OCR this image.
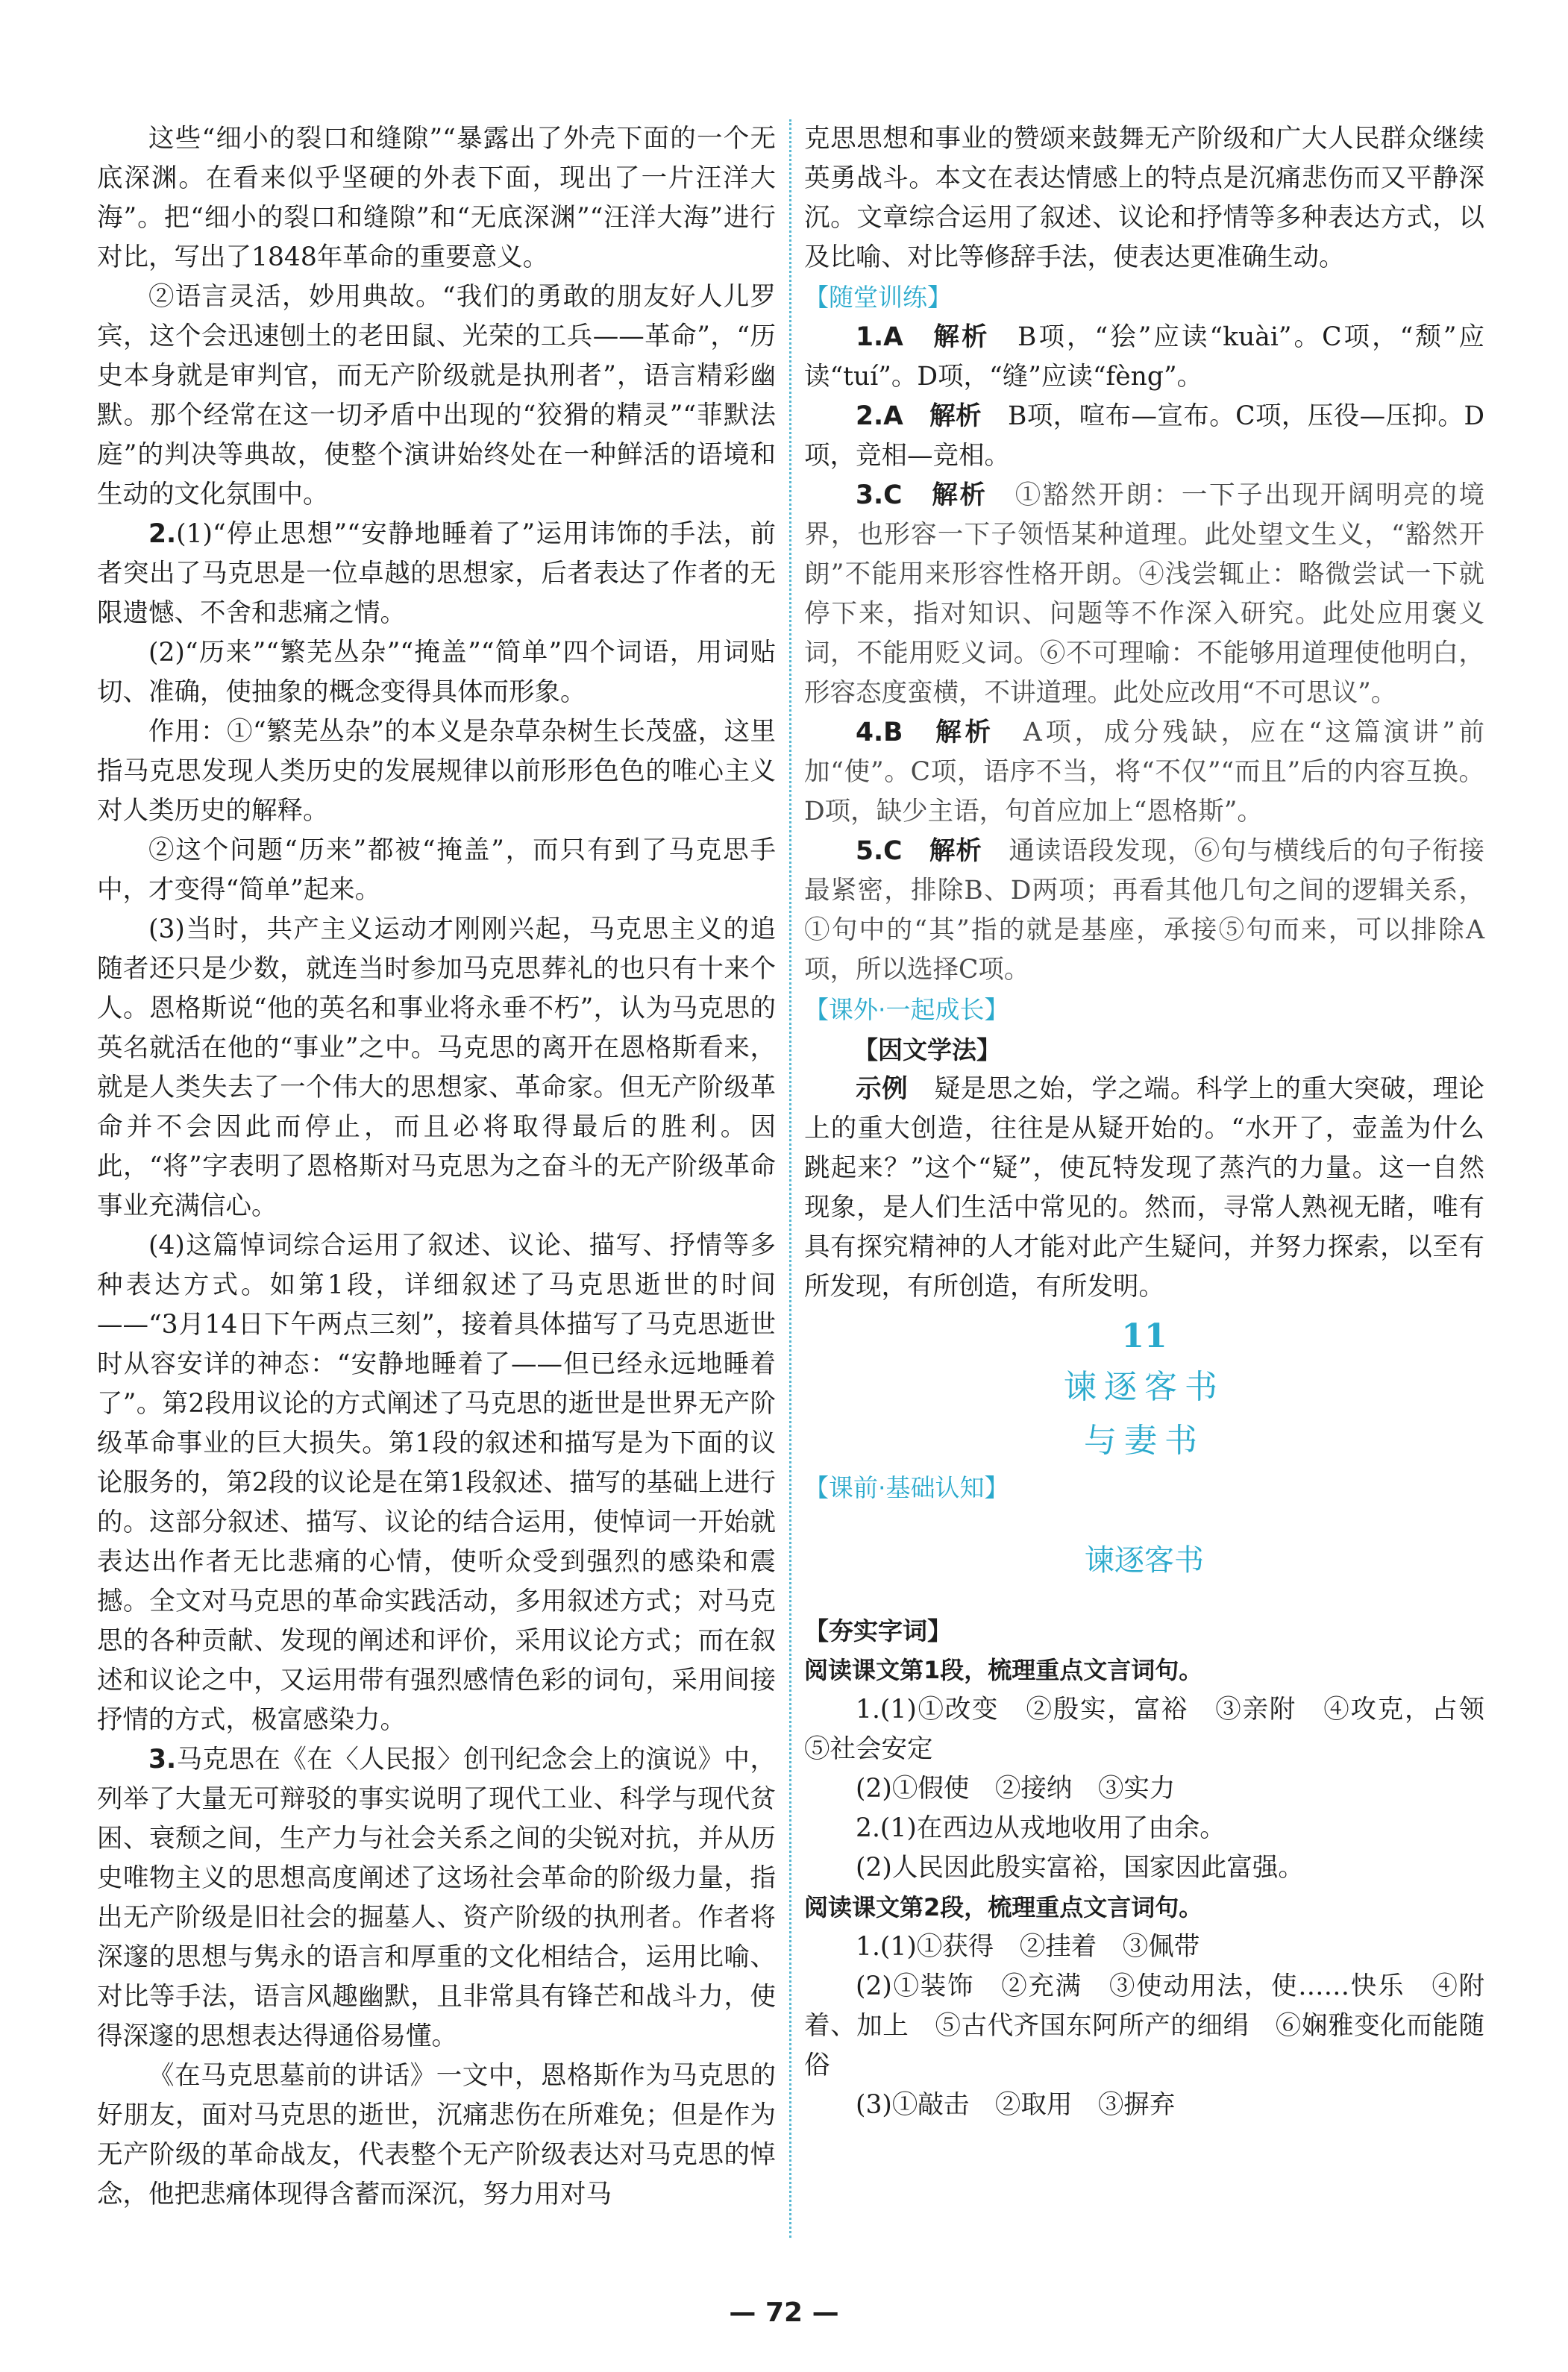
这些“细小的裂口和缝隙”“暴露出了外壳下面的一个无底深渊。在看来似乎坚硬的外表下面，现出了一片汪洋大海”。把“细小的裂口和缝隙”和“无底深渊”“汪洋大海”进行对比，写出了1848年革命的重要意义。

②语言灵活，妙用典故。“我们的勇敢的朋友好人儿罗宾，这个会迅速刨土的老田鼠、光荣的工兵——革命”，“历史本身就是审判官，而无产阶级就是执刑者”，语言精彩幽默。那个经常在这一切矛盾中出现的“狡猾的精灵”“菲默法庭”的判决等典故，使整个演讲始终处在一种鲜活的语境和生动的文化氛围中。

2.(1)“停止思想”“安静地睡着了”运用讳饰的手法，前者突出了马克思是一位卓越的思想家，后者表达了作者的无限遗憾、不舍和悲痛之情。

(2)“历来”“繁芜丛杂”“掩盖”“简单”四个词语，用词贴切、准确，使抽象的概念变得具体而形象。

作用：①“繁芜丛杂”的本义是杂草杂树生长茂盛，这里指马克思发现人类历史的发展规律以前形形色色的唯心主义对人类历史的解释。

②这个问题“历来”都被“掩盖”，而只有到了马克思手中，才变得“简单”起来。

(3)当时，共产主义运动才刚刚兴起，马克思主义的追随者还只是少数，就连当时参加马克思葬礼的也只有十来个人。恩格斯说“他的英名和事业将永垂不朽”，认为马克思的英名就活在他的“事业”之中。马克思的离开在恩格斯看来，就是人类失去了一个伟大的思想家、革命家。但无产阶级革命并不会因此而停止，而且必将取得最后的胜利。因此，“将”字表明了恩格斯对马克思为之奋斗的无产阶级革命事业充满信心。

(4)这篇悼词综合运用了叙述、议论、描写、抒情等多种表达方式。如第1段，详细叙述了马克思逝世的时间——“3月14日下午两点三刻”，接着具体描写了马克思逝世时从容安详的神态：“安静地睡着了——但已经永远地睡着了”。第2段用议论的方式阐述了马克思的逝世是世界无产阶级革命事业的巨大损失。第1段的叙述和描写是为下面的议论服务的，第2段的议论是在第1段叙述、描写的基础上进行的。这部分叙述、描写、议论的结合运用，使悼词一开始就表达出作者无比悲痛的心情，使听众受到强烈的感染和震撼。全文对马克思的革命实践活动，多用叙述方式；对马克思的各种贡献、发现的阐述和评价，采用议论方式；而在叙述和议论之中，又运用带有强烈感情色彩的词句，采用间接抒情的方式，极富感染力。

3.马克思在《在〈人民报〉创刊纪念会上的演说》中，列举了大量无可辩驳的事实说明了现代工业、科学与现代贫困、衰颓之间，生产力与社会关系之间的尖锐对抗，并从历史唯物主义的思想高度阐述了这场社会革命的阶级力量，指出无产阶级是旧社会的掘墓人、资产阶级的执刑者。作者将深邃的思想与隽永的语言和厚重的文化相结合，运用比喻、对比等手法，语言风趣幽默，且非常具有锋芒和战斗力，使得深邃的思想表达得通俗易懂。

《在马克思墓前的讲话》一文中，恩格斯作为马克思的好朋友，面对马克思的逝世，沉痛悲伤在所难免；但是作为无产阶级的革命战友，代表整个无产阶级表达对马克思的悼念，他把悲痛体现得含蓄而深沉，努力用对马

克思思想和事业的赞颂来鼓舞无产阶级和广大人民群众继续英勇战斗。本文在表达情感上的特点是沉痛悲伤而又平静深沉。文章综合运用了叙述、议论和抒情等多种表达方式，以及比喻、对比等修辞手法，使表达更准确生动。

【随堂训练】

1.A　 解析　 B项，“狯”应读“kuài”。C项，“颓”应读“tuí”。D项，“缝”应读“fèng”。

2.A　 解析　 B项，喧布—宣布。C项，压役—压抑。D项，竞相—竞相。

3.C　 解析　 ①豁然开朗：一下子出现开阔明亮的境界，也形容一下子领悟某种道理。此处望文生义，“豁然开朗”不能用来形容性格开朗。④浅尝辄止：略微尝试一下就停下来，指对知识、问题等不作深入研究。此处应用褒义词，不能用贬义词。⑥不可理喻：不能够用道理使他明白，形容态度蛮横，不讲道理。此处应改用“不可思议”。

4.B　 解析　 A项，成分残缺，应在“这篇演讲”前加“使”。C项，语序不当，将“不仅”“而且”后的内容互换。D项，缺少主语，句首应加上“恩格斯”。

5.C　 解析　 通读语段发现，⑥句与横线后的句子衔接最紧密，排除B、D两项；再看其他几句之间的逻辑关系，①句中的“其”指的就是基座，承接⑤句而来，可以排除A项，所以选择C项。

【课外·一起成长】

【因文学法】

示例　 疑是思之始，学之端。科学上的重大突破，理论上的重大创造，往往是从疑开始的。“水开了，壶盖为什么跳起来？”这个“疑”，使瓦特发现了蒸汽的力量。这一自然现象，是人们生活中常见的。然而，寻常人熟视无睹，唯有具有探究精神的人才能对此产生疑问，并努力探索，以至有所发现，有所创造，有所发明。

11
谏逐客书
与妻书
【课前·基础认知】
谏逐客书

【夯实字词】

阅读课文第1段，梳理重点文言词句。

1.(1)①改变　②殷实，富裕　③亲附　④攻克，占领　⑤社会安定

(2)①假使　②接纳　③实力

2.(1)在西边从戎地收用了由余。

(2)人民因此殷实富裕，国家因此富强。

阅读课文第2段，梳理重点文言词句。

1.(1)①获得　②挂着　③佩带

(2)①装饰　②充满　③使动用法，使……快乐　④附着、加上　⑤古代齐国东阿所产的细绢　⑥娴雅变化而能随俗

(3)①敲击　②取用　③摒弃

— 72 —
